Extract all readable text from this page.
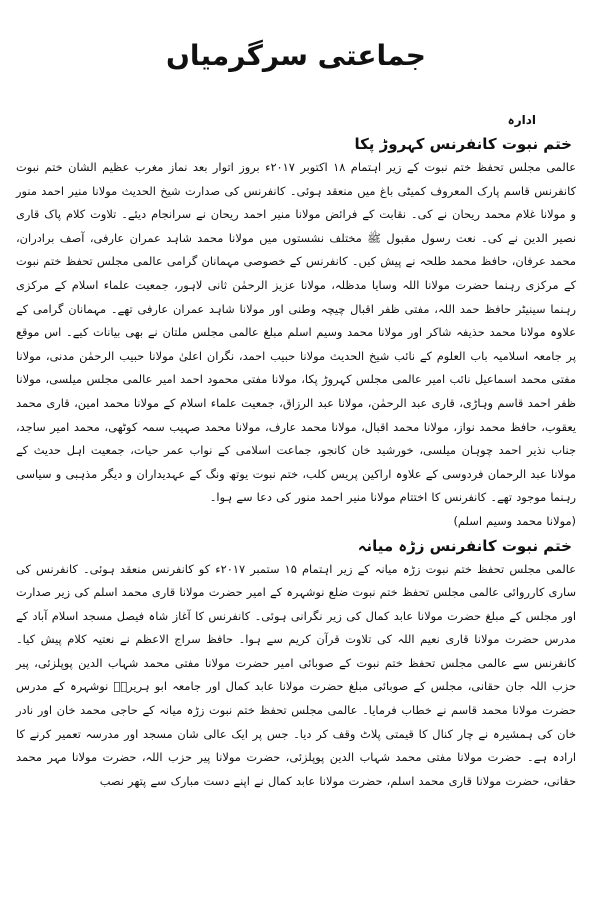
جماعتی سرگرمیاں
ادارہ
ختم نبوت کانفرنس کہروڑ پکا

عالمی مجلس تحفظ ختم نبوت کے زیر اہتمام ۱۸ اکتوبر ۲۰۱۷ء بروز اتوار بعد نماز مغرب عظیم الشان ختم نبوت کانفرنس قاسم پارک المعروف کمیٹی باغ میں منعقد ہوئی۔ کانفرنس کی صدارت شیخ الحدیث مولانا منیر احمد منور و مولانا غلام محمد ریحان نے کی۔ نقابت کے فرائض مولانا منیر احمد ریحان نے سرانجام دیئے۔ تلاوت کلام پاک قاری نصیر الدین نے کی۔ نعت رسول مقبول ﷺ مختلف نشستوں میں مولانا محمد شاہد عمران عارفی، آصف برادران، محمد عرفان، حافظ محمد طلحہ نے پیش کیں۔ کانفرنس کے خصوصی مہمانان گرامی عالمی مجلس تحفظ ختم نبوت کے مرکزی رہنما حضرت مولانا اللہ وسایا مدظلہ، مولانا عزیز الرحمٰن ثانی لاہور، جمعیت علماء اسلام کے مرکزی رہنما سینیٹر حافظ حمد اللہ، مفتی ظفر اقبال چیچہ وطنی اور مولانا شاہد عمران عارفی تھے۔ مہمانان گرامی کے علاوہ مولانا محمد حذیفہ شاکر اور مولانا محمد وسیم اسلم مبلغ عالمی مجلس ملتان نے بھی بیانات کیے۔ اس موقع پر جامعہ اسلامیہ باب العلوم کے نائب شیخ الحدیث مولانا حبیب احمد، نگران اعلیٰ مولانا حبیب الرحمٰن مدنی، مولانا مفتی محمد اسماعیل نائب امیر عالمی مجلس کہروڑ پکا، مولانا مفتی محمود احمد امیر عالمی مجلس میلسی، مولانا ظفر احمد قاسم وہاڑی، قاری عبد الرحمٰن، مولانا عبد الرزاق، جمعیت علماء اسلام کے مولانا محمد امین، قاری محمد یعقوب، حافظ محمد نواز، مولانا محمد اقبال، مولانا محمد عارف، مولانا محمد صہیب سمہ کوٹھی، محمد امیر ساجد، جناب نذیر احمد چوہان میلسی، خورشید خان کانجو، جماعت اسلامی کے نواب عمر حیات، جمعیت اہل حدیث کے مولانا عبد الرحمان فردوسی کے علاوہ اراکین پریس کلب، ختم نبوت یوتھ ونگ کے عہدیداران و دیگر مذہبی و سیاسی رہنما موجود تھے۔ کانفرنس کا اختتام مولانا منیر احمد منور کی دعا سے ہوا۔

(مولانا محمد وسیم اسلم)
ختم نبوت کانفرنس زڑہ میانہ

عالمی مجلس تحفظ ختم نبوت زڑہ میانہ کے زیر اہتمام ۱۵ ستمبر ۲۰۱۷ء کو کانفرنس منعقد ہوئی۔ کانفرنس کی ساری کارروائی عالمی مجلس تحفظ ختم نبوت ضلع نوشہرہ کے امیر حضرت مولانا قاری محمد اسلم کی زیر صدارت اور مجلس کے مبلغ حضرت مولانا عابد کمال کی زیر نگرانی ہوئی۔ کانفرنس کا آغاز شاہ فیصل مسجد اسلام آباد کے مدرس حضرت مولانا قاری نعیم اللہ کی تلاوت قرآن کریم سے ہوا۔ حافظ سراج الاعظم نے نعتیہ کلام پیش کیا۔ کانفرنس سے عالمی مجلس تحفظ ختم نبوت کے صوبائی امیر حضرت مولانا مفتی محمد شہاب الدین پوپلزئی، پیر حزب اللہ جان حقانی، مجلس کے صوبائی مبلغ حضرت مولانا عابد کمال اور جامعہ ابو ہریرہؓ نوشہرہ کے مدرس حضرت مولانا محمد قاسم نے خطاب فرمایا۔ عالمی مجلس تحفظ ختم نبوت زڑہ میانہ کے حاجی محمد خان اور نادر خان کی ہمشیرہ نے چار کنال کا قیمتی پلاٹ وقف کر دیا۔ جس پر ایک عالی شان مسجد اور مدرسہ تعمیر کرنے کا ارادہ ہے۔ حضرت مولانا مفتی محمد شہاب الدین پوپلزئی، حضرت مولانا پیر حزب اللہ، حضرت مولانا مہر محمد حقانی، حضرت مولانا قاری محمد اسلم، حضرت مولانا عابد کمال نے اپنے دست مبارک سے پتھر نصب
